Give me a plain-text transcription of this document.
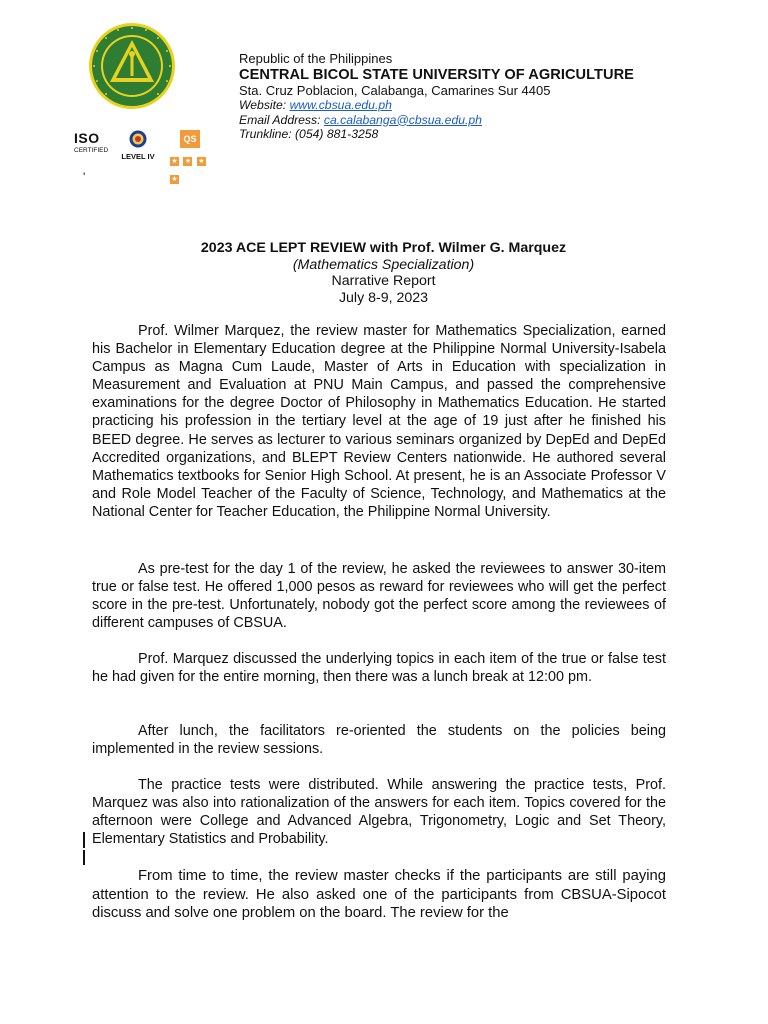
ISO
CERTIFIED
LEVEL IV
QS
★ ★ ★ ★
'
Republic of the Philippines
CENTRAL BICOL STATE UNIVERSITY OF AGRICULTURE
Sta. Cruz Poblacion, Calabanga, Camarines Sur 4405
Website: www.cbsua.edu.ph
Email Address: ca.calabanga@cbsua.edu.ph
Trunkline: (054) 881-3258
2023 ACE LEPT REVIEW with Prof. Wilmer G. Marquez
(Mathematics Specialization)
Narrative Report
July 8-9, 2023
Prof. Wilmer Marquez, the review master for Mathematics Specialization, earned his Bachelor in Elementary Education degree at the Philippine Normal University-Isabela Campus as Magna Cum Laude, Master of Arts in Education with specialization in Measurement and Evaluation at PNU Main Campus, and passed the comprehensive examinations for the degree Doctor of Philosophy in Mathematics Education. He started practicing his profession in the tertiary level at the age of 19 just after he finished his BEED degree. He serves as lecturer to various seminars organized by DepEd and DepEd Accredited organizations, and BLEPT Review Centers nationwide. He authored several Mathematics textbooks for Senior High School. At present, he is an Associate Professor V and Role Model Teacher of the Faculty of Science, Technology, and Mathematics at the National Center for Teacher Education, the Philippine Normal University.
As pre-test for the day 1 of the review, he asked the reviewees to answer 30-item true or false test. He offered 1,000 pesos as reward for reviewees who will get the perfect score in the pre-test. Unfortunately, nobody got the perfect score among the reviewees of different campuses of CBSUA.
Prof. Marquez discussed the underlying topics in each item of the true or false test he had given for the entire morning, then there was a lunch break at 12:00 pm.
After lunch, the facilitators re-oriented the students on the policies being implemented in the review sessions.
The practice tests were distributed. While answering the practice tests, Prof. Marquez was also into rationalization of the answers for each item. Topics covered for the afternoon were College and Advanced Algebra, Trigonometry, Logic and Set Theory, Elementary Statistics and Probability.
From time to time, the review master checks if the participants are still paying attention to the review. He also asked one of the participants from CBSUA-Sipocot discuss and solve one problem on the board. The review for the
